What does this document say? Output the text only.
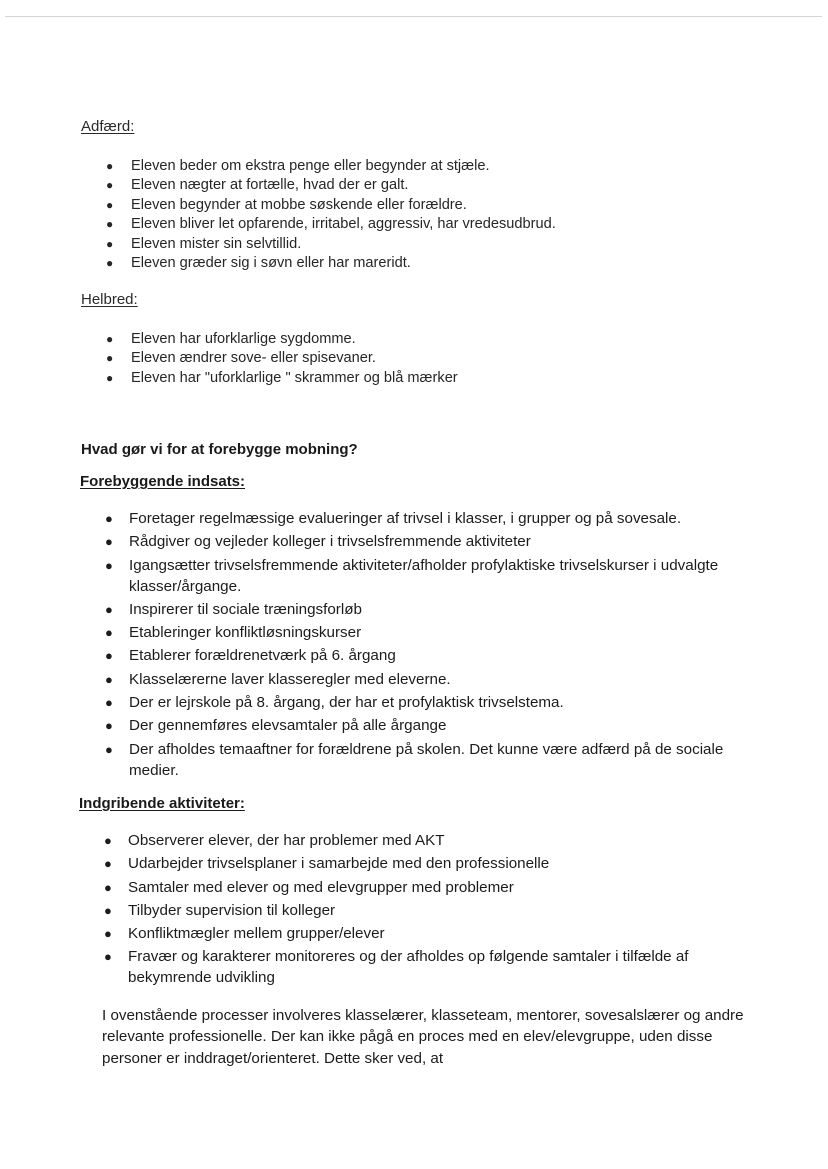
Adfærd:

● Eleven beder om ekstra penge eller begynder at stjæle.
● Eleven nægter at fortælle, hvad der er galt.
● Eleven begynder at mobbe søskende eller forældre.
● Eleven bliver let opfarende, irritabel, aggressiv, har vredesudbrud.
● Eleven mister sin selvtillid.
● Eleven græder sig i søvn eller har mareridt.

Helbred:

● Eleven har uforklarlige sygdomme.
● Eleven ændrer sove- eller spisevaner.
● Eleven har "uforklarlige " skrammer og blå mærker

Hvad gør vi for at forebygge mobning?

Forebyggende indsats:

● Foretager regelmæssige evalueringer af trivsel i klasser, i grupper og på sovesale.
● Rådgiver og vejleder kolleger i trivselsfremmende aktiviteter
● Igangsætter trivselsfremmende aktiviteter/afholder profylaktiske trivselskurser i udvalgte klasser/årgange.
● Inspirerer til sociale træningsforløb
● Etableringer konfliktløsningskurser
● Etablerer forældrenetværk på 6. årgang
● Klasselærerne laver klasseregler med eleverne.
● Der er lejrskole på 8. årgang, der har et profylaktisk trivselstema.
● Der gennemføres elevsamtaler på alle årgange
● Der afholdes temaaftner for forældrene på skolen. Det kunne være adfærd på de sociale medier.

Indgribende aktiviteter:

● Observerer elever, der har problemer med AKT
● Udarbejder trivselsplaner i samarbejde med den professionelle
● Samtaler med elever og med elevgrupper med problemer
● Tilbyder supervision til kolleger
● Konfliktmægler mellem grupper/elever
● Fravær og karakterer monitoreres og der afholdes op følgende samtaler i tilfælde af bekymrende udvikling

I ovenstående processer involveres klasselærer, klasseteam, mentorer, sovesalslærer og andre relevante professionelle. Der kan ikke pågå en proces med en elev/elevgruppe, uden disse personer er inddraget/orienteret. Dette sker ved, at
